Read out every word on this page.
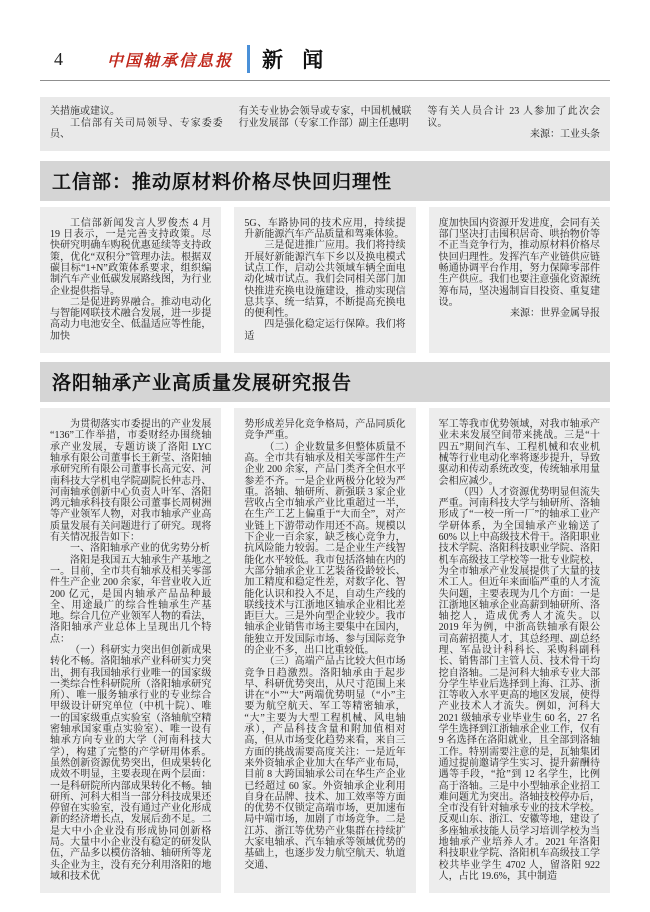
4	中国轴承信息报 新 闻

关措施或建议。

工信部有关司局领导、专家委委员、

有关专业协会领导或专家，中国机械联行业发展部（专家工作部）副主任惠明

等有关人员合计 23 人参加了此次会议。

来源：工业头条

工信部：推动原材料价格尽快回归理性

工信部新闻发言人罗俊杰 4 月 19 日表示，一是完善支持政策。尽快研究明确车购税优惠延续等支持政策，优化“双积分”管理办法。根据双碳目标“1+N”政策体系要求，组织编制汽车产业低碳发展路线图，为行业企业提供指导。

二是促进跨界融合。推动电动化与智能网联技术融合发展，进一步提高动力电池安全、低温适应等性能，加快

5G、车路协同的技术应用，持续提升新能源汽车产品质量和驾乘体验。

三是促进推广应用。我们将持续开展好新能源汽车下乡以及换电模式试点工作，启动公共领域车辆全面电动化城市试点。我们会同相关部门加快推进充换电设施建设，推动实现信息共享、统一结算，不断提高充换电的便利性。

四是强化稳定运行保障。我们将适

度加快国内资源开发进度，会同有关部门坚决打击囤积居奇、哄抬物价等不正当竞争行为，推动原材料价格尽快回归理性。发挥汽车产业链供应链畅通协调平台作用，努力保障零部件生产供应。我们也要注意强化资源统筹布局，坚决遏制盲目投资、重复建设。

来源：世界金属导报

洛阳轴承产业高质量发展研究报告

为贯彻落实市委提出的产业发展“136”工作举措，市委财经办围绕轴承产业发展，专题访谈了洛阳 LYC 轴承有限公司董事长王新莹、洛阳轴承研究所有限公司董事长高元安、河南科技大学机电学院副院长仲志丹、河南轴承创新中心负责人叶军、洛阳鸿元轴承科技有限公司董事长周树洲等产业领军人物，对我市轴承产业高质量发展有关问题进行了研究。现将有关情况报告如下：

一、洛阳轴承产业的优劣势分析

洛阳是我国五大轴承生产基地之一。目前，全市共有轴承及相关零部件生产企业 200 余家，年营业收入近 200 亿元，是国内轴承产品品种最全、用途最广的综合性轴承生产基地。综合几位产业领军人物的看法，洛阳轴承产业总体上呈现出几个特点：

（一）科研实力突出但创新成果转化不畅。洛阳轴承产业科研实力突出，拥有我国轴承行业唯一的国家级一类综合性科研院所（洛阳轴承研究所）、唯一服务轴承行业的专业综合甲级设计研究单位（中机十院）、唯一的国家级重点实验室（洛轴航空精密轴承国家重点实验室）、唯一设有轴承方向专业的大学（河南科技大学），构建了完整的产学研用体系。虽然创新资源优势突出，但成果转化成效不明显，主要表现在两个层面：一是科研院所内部成果转化不畅。轴研所、河科大相当一部分科技成果还停留在实验室，没有通过产业化形成新的经济增长点，发展后劲不足。二是大中小企业没有形成协同创新格局。大量中小企业没有稳定的研发队伍，产品多以模仿洛轴、轴研所等龙头企业为主，没有充分利用洛阳的地域和技术优

势形成差异化竞争格局，产品同质化竞争严重。

（二）企业数量多但整体质量不高。全市共有轴承及相关零部件生产企业 200 余家，产品门类齐全但水平参差不齐。一是企业两极分化较为严重。洛轴、轴研所、新强联 3 家企业营收占全市轴承产业比重超过一半，在生产工艺上偏重于“大而全”，对产业链上下游带动作用还不高。规模以下企业一百余家，缺乏核心竞争力，抗风险能力较弱。二是企业生产线智能化水平较低。我市包括洛轴在内的大部分轴承企业工艺装备役龄较长、加工精度和稳定性差，对数字化、智能化认识和投入不足，自动生产线的联线技术与江浙地区轴承企业相比差距巨大。三是外向型企业较少。我市轴承企业销售市场主要集中在国内，能独立开发国际市场、参与国际竞争的企业不多，出口比重较低。

（三）高端产品占比较大但市场竞争日趋激烈。洛阳轴承由于起步早、科研优势突出，从尺寸范围上来讲在“小”“大”两端优势明显（“小”主要为航空航天、军工等精密轴承，“大”主要为大型工程机械、风电轴承），产品科技含量和附加值相对高，但从市场变化趋势来看，来自三方面的挑战需要高度关注：一是近年来外资轴承企业加大在华产业布局，目前 8 大跨国轴承公司在华生产企业已经超过 60 家。外资轴承企业利用自身在品牌、技术、加工效率等方面的优势不仅锁定高端市场，更加速布局中端市场，加剧了市场竞争。二是江苏、浙江等优势产业集群在持续扩大家电轴承、汽车轴承等领域优势的基础上，也逐步发力航空航天、轨道交通、

军工等我市优势领域，对我市轴承产业未来发展空间带来挑战。三是“十四五”期间汽车、工程机械和农业机械等行业电动化率将逐步提升，导致驱动和传动系统改变，传统轴承用量会相应减少。

（四）人才资源优势明显但流失严重。河南科技大学与轴研所、洛轴形成了“一校一所一厂”的轴承工业产学研体系，为全国轴承产业输送了 60% 以上中高级技术骨干。洛阳职业技术学院、洛阳科技职业学院、洛阳机车高级技工学校等一批专业院校，为全市轴承产业发展提供了大量的技术工人。但近年来面临严重的人才流失问题，主要表现为几个方面：一是江浙地区轴承企业高薪到轴研所、洛轴挖人，造成优秀人才流失。以 2019 年为例，中浙高铁轴承有限公司高薪招揽人才，其总经理、副总经理、军品设计科科长、采购科副科长、销售部门主管人员、技术骨干均挖自洛轴。二是河科大轴承专业大部分学生毕业后选择到上海、江苏、浙江等收入水平更高的地区发展，使得产业技术人才流失。例如，河科大 2021 级轴承专业毕业生 60 名，27 名学生选择到江浙轴承企业工作，仅有 9 名选择在洛阳就业，且全部到洛轴工作。特别需要注意的是，瓦轴集团通过提前邀请学生实习、提升薪酬待遇等手段，“抢”到 12 名学生，比例高于洛轴。三是中小型轴承企业招工难问题尤为突出。洛轴技校停办后，全市没有针对轴承专业的技术学校。反观山东、浙江、安徽等地，建设了多座轴承技能人员学习培训学校为当地轴承产业培养人才。2021 年洛阳科技职业学院、洛阳机车高级技工学校共毕业学生 4702 人，留洛阳 922 人，占比 19.6%，其中制造
